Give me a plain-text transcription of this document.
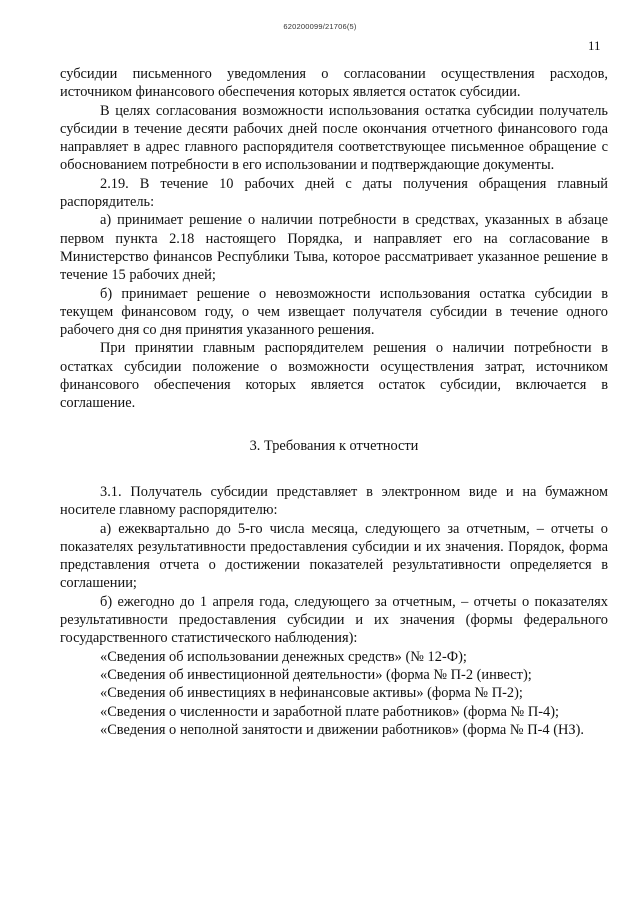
620200099/21706(5)
11

субсидии письменного уведомления о согласовании осуществления расходов, источником финансового обеспечения которых является остаток субсидии.

В целях согласования возможности использования остатка субсидии получатель субсидии в течение десяти рабочих дней после окончания отчетного финансового года направляет в адрес главного распорядителя соответствующее письменное обращение с обоснованием потребности в его использовании и подтверждающие документы.

2.19. В течение 10 рабочих дней с даты получения обращения главный распорядитель:

а) принимает решение о наличии потребности в средствах, указанных в абзаце первом пункта 2.18 настоящего Порядка, и направляет его на согласование в Министерство финансов Республики Тыва, которое рассматривает указанное решение в течение 15 рабочих дней;

б) принимает решение о невозможности использования остатка субсидии в текущем финансовом году, о чем извещает получателя субсидии в течение одного рабочего дня со дня принятия указанного решения.

При принятии главным распорядителем решения о наличии потребности в остатках субсидии положение о возможности осуществления затрат, источником финансового обеспечения которых является остаток субсидии, включается в соглашение.

3. Требования к отчетности

3.1. Получатель субсидии представляет в электронном виде и на бумажном носителе главному распорядителю:

а) ежеквартально до 5-го числа месяца, следующего за отчетным, – отчеты о показателях результативности предоставления субсидии и их значения. Порядок, форма представления отчета о достижении показателей результативности определяется в соглашении;

б) ежегодно до 1 апреля года, следующего за отчетным, – отчеты о показателях результативности предоставления субсидии и их значения (формы федерального государственного статистического наблюдения):

«Сведения об использовании денежных средств» (№ 12-Ф);

«Сведения об инвестиционной деятельности» (форма № П-2 (инвест);

«Сведения об инвестициях в нефинансовые активы» (форма № П-2);

«Сведения о численности и заработной плате работников» (форма № П-4);

«Сведения о неполной занятости и движении работников» (форма № П-4 (НЗ).
